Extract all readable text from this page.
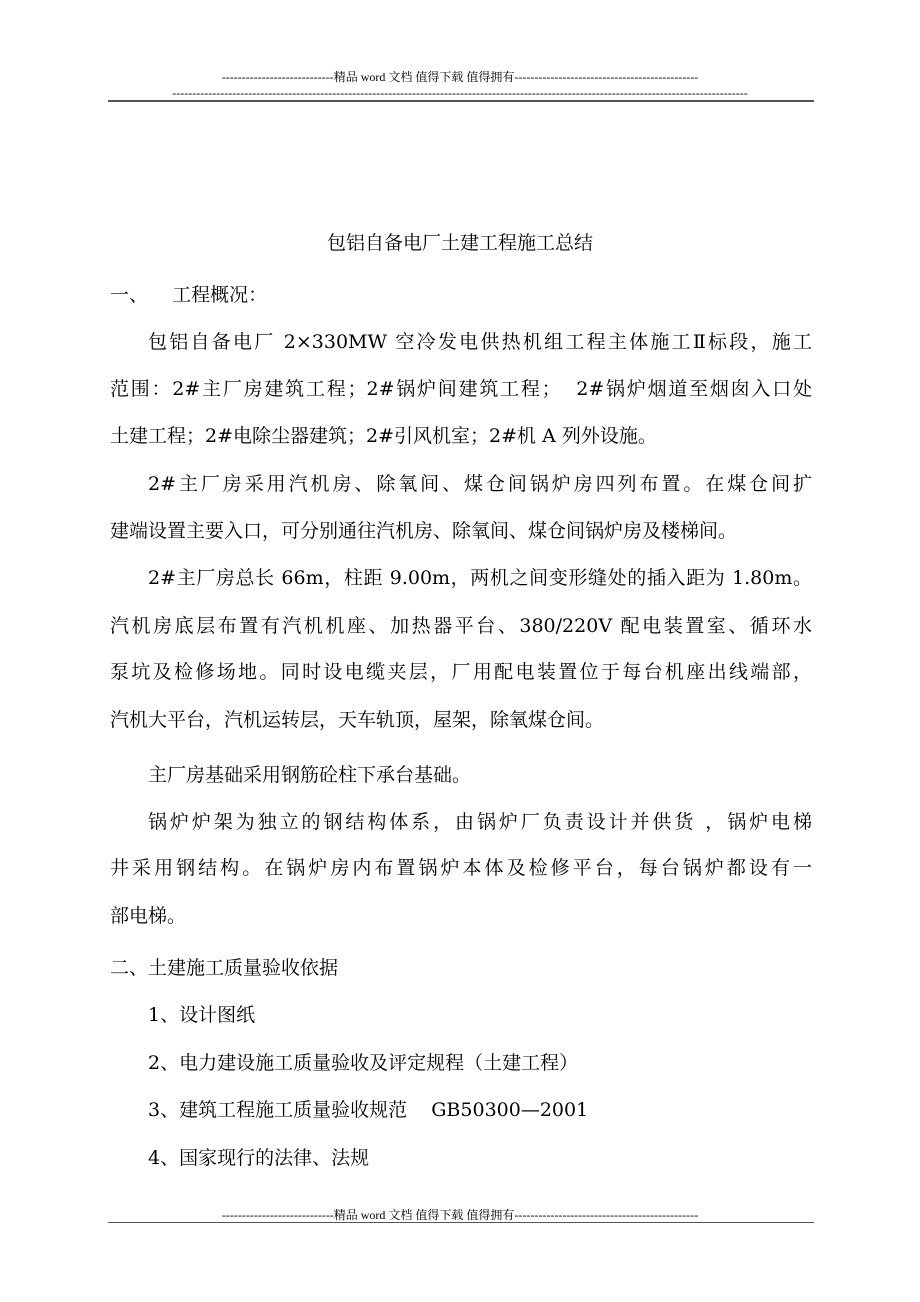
----------------------------精品 word 文档 值得下载 值得拥有----------------------------------------------
------------------------------------------------------------------------------------------------------------------------------------------------
包铝自备电厂土建工程施工总结
一、    工程概况：
包铝自备电厂 2×330MW 空冷发电供热机组工程主体施工Ⅱ标段，施工
范围：2#主厂房建筑工程；2#锅炉间建筑工程；  2#锅炉烟道至烟囱入口处
土建工程；2#电除尘器建筑；2#引风机室；2#机 A 列外设施。
2#主厂房采用汽机房、除氧间、煤仓间锅炉房四列布置。在煤仓间扩
建端设置主要入口，可分别通往汽机房、除氧间、煤仓间锅炉房及楼梯间。
2#主厂房总长 66m，柱距 9.00m，两机之间变形缝处的插入距为 1.80m。
汽机房底层布置有汽机机座、加热器平台、380/220V 配电装置室、循环水
泵坑及检修场地。同时设电缆夹层，厂用配电装置位于每台机座出线端部，
汽机大平台，汽机运转层，天车轨顶，屋架，除氧煤仓间。
主厂房基础采用钢筋砼柱下承台基础。
锅炉炉架为独立的钢结构体系，由锅炉厂负责设计并供货 ，锅炉电梯
井采用钢结构。在锅炉房内布置锅炉本体及检修平台，每台锅炉都设有一
部电梯。
二、土建施工质量验收依据
1、设计图纸
2、电力建设施工质量验收及评定规程（土建工程）
3、建筑工程施工质量验收规范    GB50300—2001
4、国家现行的法律、法规
----------------------------精品 word 文档 值得下载 值得拥有----------------------------------------------
